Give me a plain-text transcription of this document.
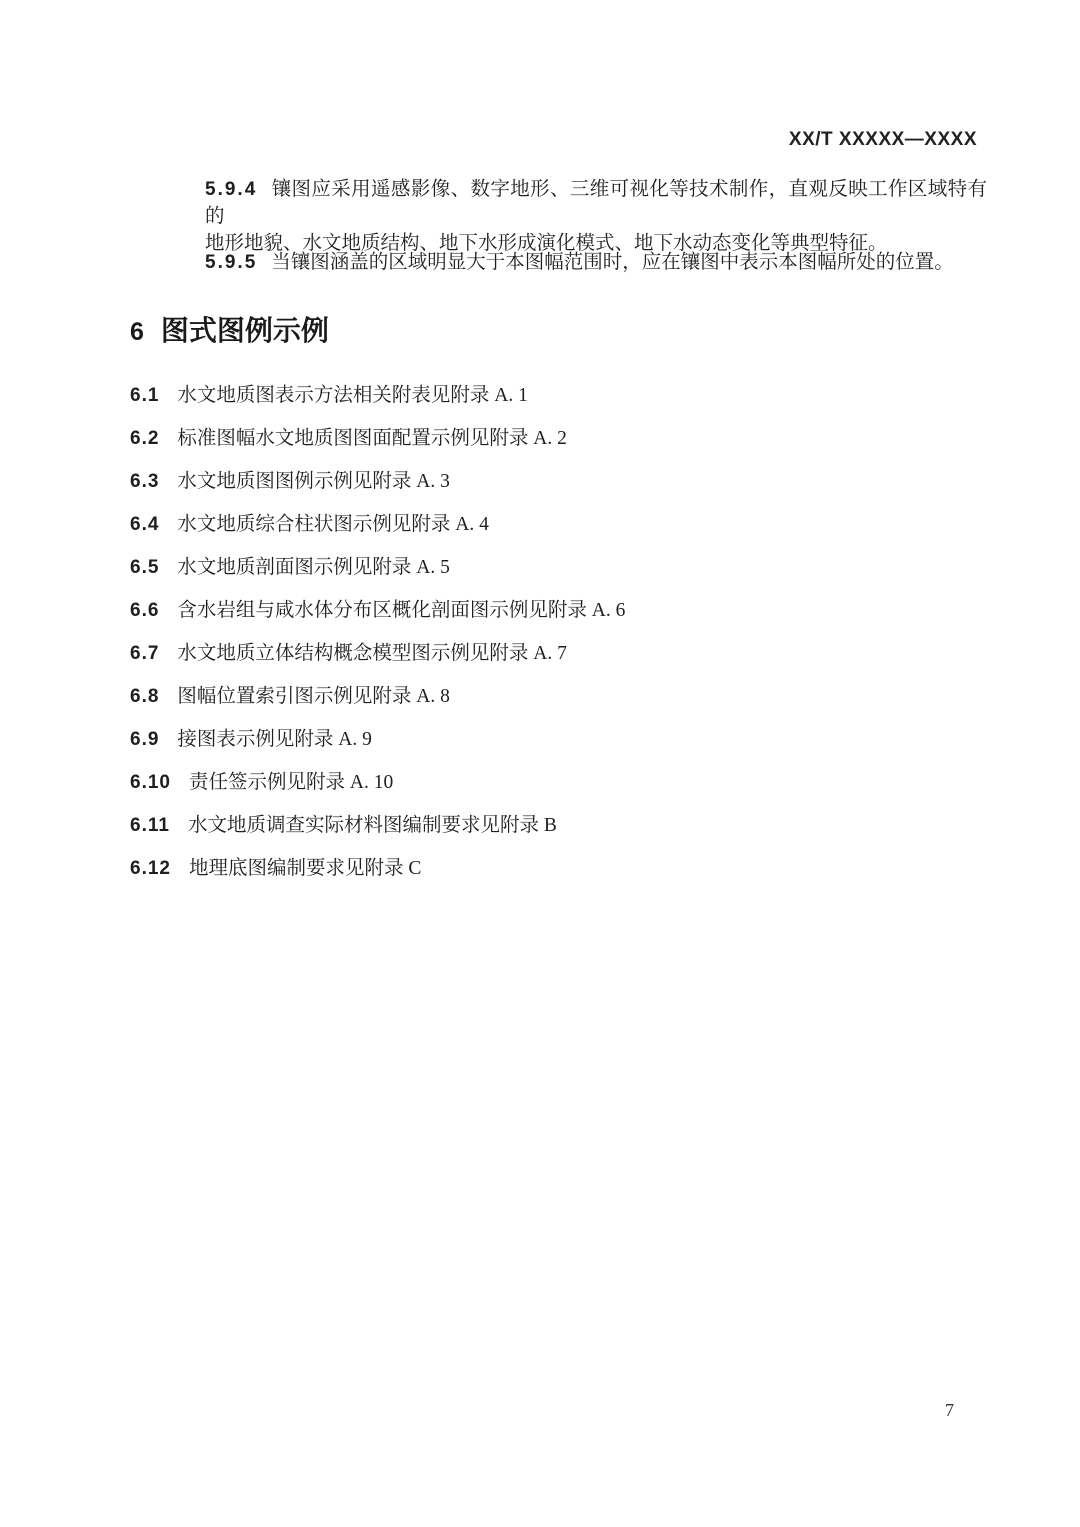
XX/T XXXXX—XXXX
5.9.4 镶图应采用遥感影像、数字地形、三维可视化等技术制作，直观反映工作区域特有的
地形地貌、水文地质结构、地下水形成演化模式、地下水动态变化等典型特征。
5.9.5 当镶图涵盖的区域明显大于本图幅范围时，应在镶图中表示本图幅所处的位置。
6 图式图例示例
6.1 水文地质图表示方法相关附表见附录 A. 1
6.2 标准图幅水文地质图图面配置示例见附录 A. 2
6.3 水文地质图图例示例见附录 A. 3
6.4 水文地质综合柱状图示例见附录 A. 4
6.5 水文地质剖面图示例见附录 A. 5
6.6 含水岩组与咸水体分布区概化剖面图示例见附录 A. 6
6.7 水文地质立体结构概念模型图示例见附录 A. 7
6.8 图幅位置索引图示例见附录 A. 8
6.9 接图表示例见附录 A. 9
6.10 责任签示例见附录 A. 10
6.11 水文地质调查实际材料图编制要求见附录 B
6.12 地理底图编制要求见附录 C
7
